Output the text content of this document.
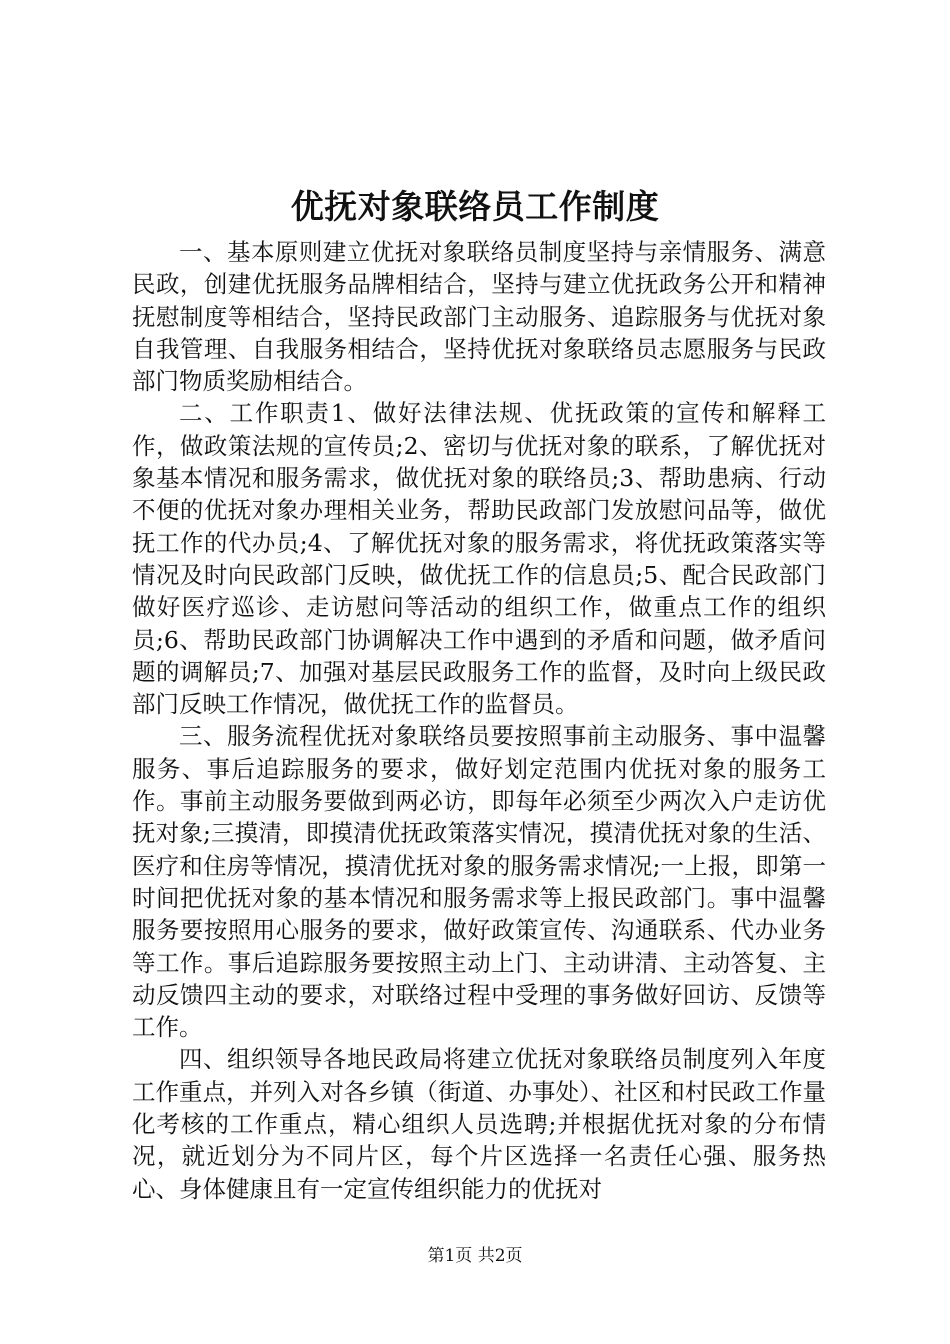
优抚对象联络员工作制度

一、基本原则建立优抚对象联络员制度坚持与亲情服务、满意民政，创建优抚服务品牌相结合，坚持与建立优抚政务公开和精神抚慰制度等相结合，坚持民政部门主动服务、追踪服务与优抚对象自我管理、自我服务相结合，坚持优抚对象联络员志愿服务与民政部门物质奖励相结合。

二、工作职责1、做好法律法规、优抚政策的宣传和解释工作，做政策法规的宣传员;2、密切与优抚对象的联系，了解优抚对象基本情况和服务需求，做优抚对象的联络员;3、帮助患病、行动不便的优抚对象办理相关业务，帮助民政部门发放慰问品等，做优抚工作的代办员;4、了解优抚对象的服务需求，将优抚政策落实等情况及时向民政部门反映，做优抚工作的信息员;5、配合民政部门做好医疗巡诊、走访慰问等活动的组织工作，做重点工作的组织员;6、帮助民政部门协调解决工作中遇到的矛盾和问题，做矛盾问题的调解员;7、加强对基层民政服务工作的监督，及时向上级民政部门反映工作情况，做优抚工作的监督员。

三、服务流程优抚对象联络员要按照事前主动服务、事中温馨服务、事后追踪服务的要求，做好划定范围内优抚对象的服务工作。事前主动服务要做到两必访，即每年必须至少两次入户走访优抚对象;三摸清，即摸清优抚政策落实情况，摸清优抚对象的生活、医疗和住房等情况，摸清优抚对象的服务需求情况;一上报，即第一时间把优抚对象的基本情况和服务需求等上报民政部门。事中温馨服务要按照用心服务的要求，做好政策宣传、沟通联系、代办业务等工作。事后追踪服务要按照主动上门、主动讲清、主动答复、主动反馈四主动的要求，对联络过程中受理的事务做好回访、反馈等工作。

四、组织领导各地民政局将建立优抚对象联络员制度列入年度工作重点，并列入对各乡镇（街道、办事处）、社区和村民政工作量化考核的工作重点，精心组织人员选聘;并根据优抚对象的分布情况，就近划分为不同片区，每个片区选择一名责任心强、服务热心、身体健康且有一定宣传组织能力的优抚对

第1页 共2页
